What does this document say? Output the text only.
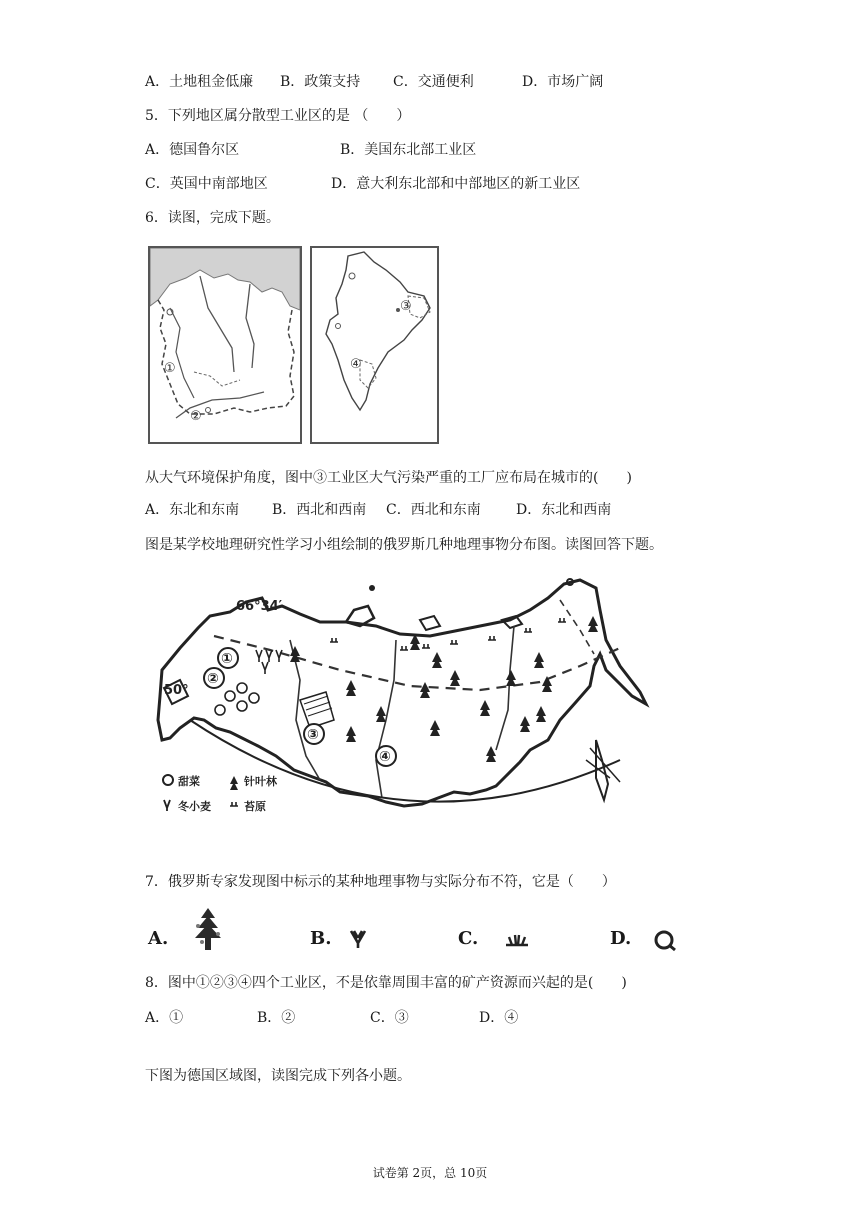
A．土地租金低廉 B．政策支持 C．交通便利	D．市场广阔
5．下列地区属分散型工业区的是 （　　）
A．德国鲁尔区	B．美国东北部工业区
C．英国中南部地区	D．意大利东北部和中部地区的新工业区
6．读图，完成下题。
①
②
③
④
从大气环境保护角度，图中③工业区大气污染严重的工厂应布局在城市的(　　)
A．东北和东南 B．西北和西南 C．西北和东南	D．东北和西南
图是某学校地理研究性学习小组绘制的俄罗斯几种地理事物分布图。读图回答下题。
66°34′
50°
①
②
③
④
甜菜	针叶林
冬小麦	苔原
7．俄罗斯专家发现图中标示的某种地理事物与实际分布不符，它是（　　）
A.	B.	C.	D.
8．图中①②③④四个工业区，不是依靠周围丰富的矿产资源而兴起的是(　　)
A．①	B．②	C．③	D．④
下图为德国区域图，读图完成下列各小题。
试卷第 2页，总 10页
